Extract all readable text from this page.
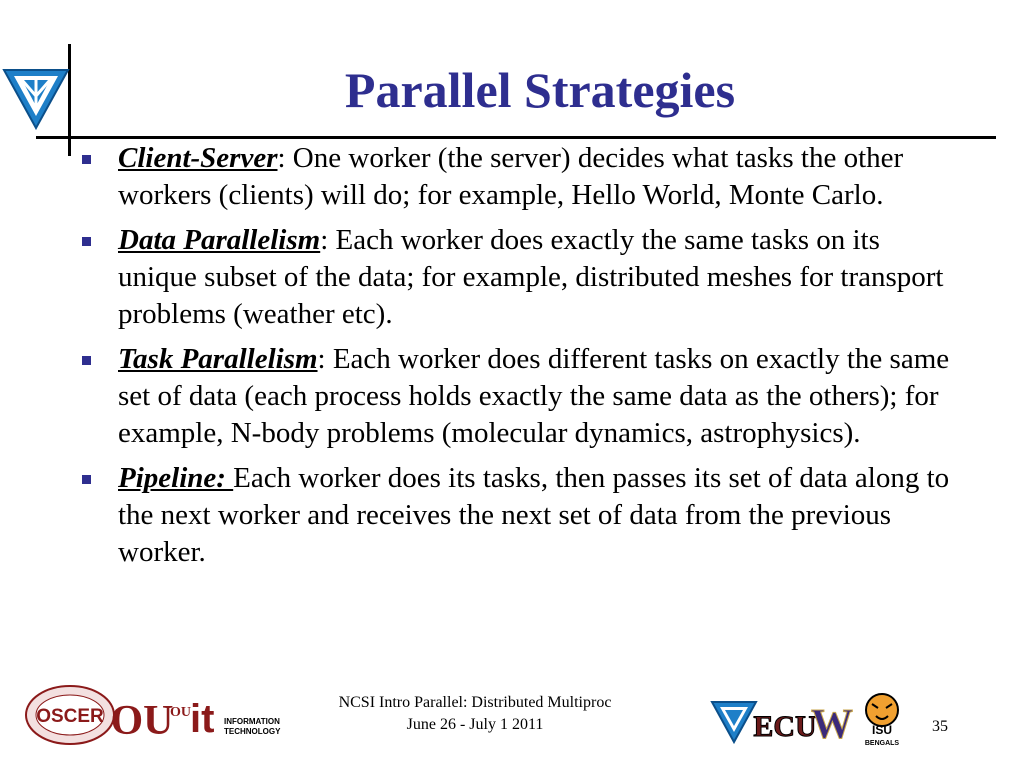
Parallel Strategies
Client-Server: One worker (the server) decides what tasks the other workers (clients) will do; for example, Hello World, Monte Carlo.
Data Parallelism: Each worker does exactly the same tasks on its unique subset of the data; for example, distributed meshes for transport problems (weather etc).
Task Parallelism: Each worker does different tasks on exactly the same set of data (each process holds exactly the same data as the others); for example, N-body problems (molecular dynamics, astrophysics).
Pipeline: Each worker does its tasks, then passes its set of data along to the next worker and receives the next set of data from the previous worker.
OSCER OU
OU it INFORMATION
TECHNOLOGY
NCSI Intro Parallel: Distributed Multiproc
June 26 - July 1 2011	ECU
W ISU
BENGALS
35
